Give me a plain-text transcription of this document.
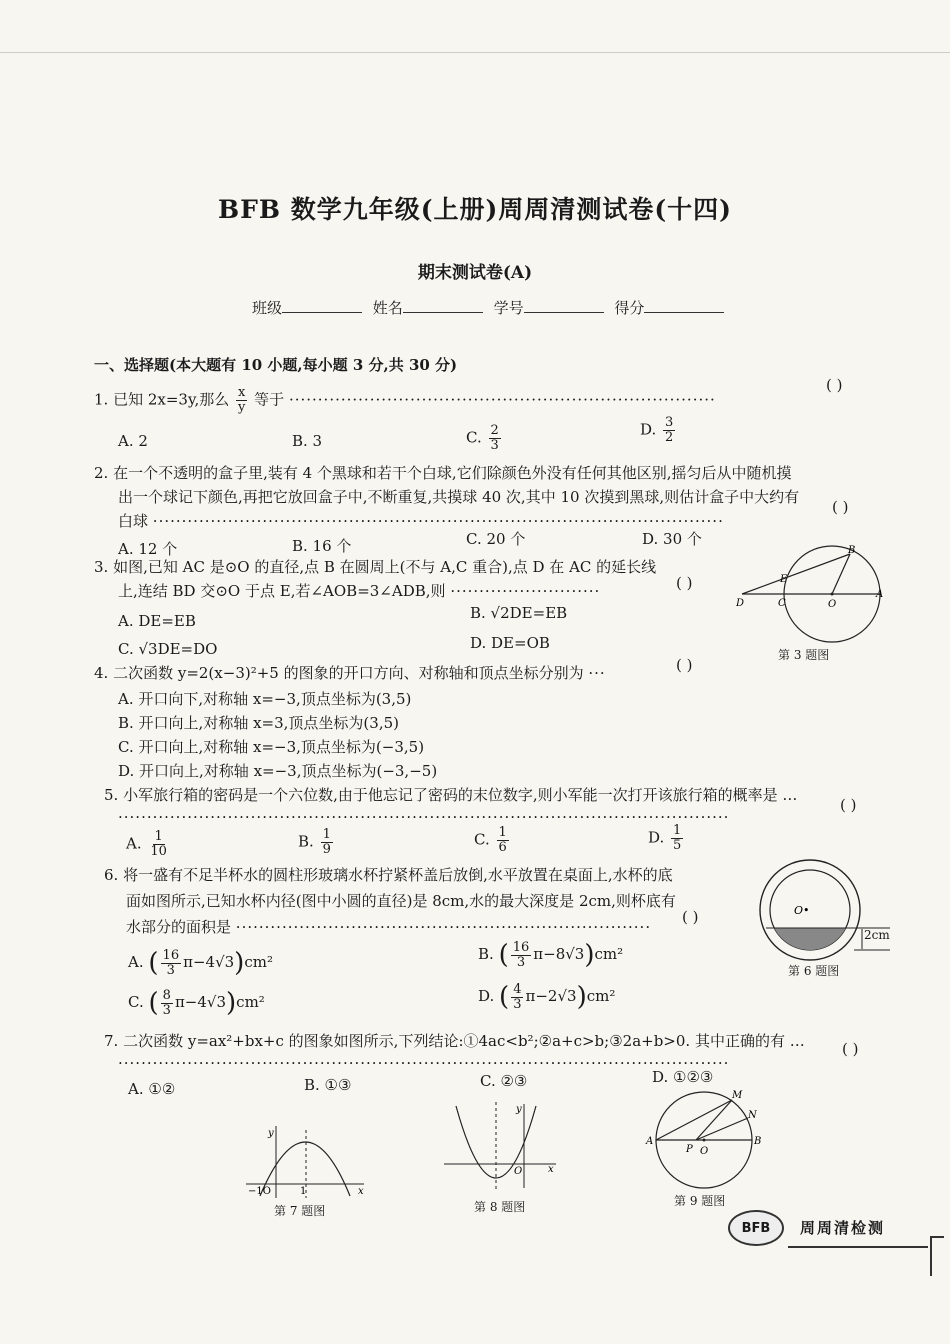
BFB 数学九年级(上册)周周清测试卷(十四)
期末测试卷(A)
班级	姓名	学号	得分
一、选择题(本大题有 10 小题,每小题 3 分,共 30 分)
1. 已知 2x=3y,那么 $\frac{x}{y}$ 等于 ··········································································
( )
A. 2	B. 3	C. $\frac{2}{3}$	D. $\frac{3}{2}$
2. 在一个不透明的盒子里,装有 4 个黑球和若干个白球,它们除颜色外没有任何其他区别,摇匀后从中随机摸
出一个球记下颜色,再把它放回盒子中,不断重复,共摸球 40 次,其中 10 次摸到黑球,则估计盒子中大约有
白球 ···································································································
( )
A. 12 个	B. 16 个	C. 20 个	D. 30 个
3. 如图,已知 AC 是⊙O 的直径,点 B 在圆周上(不与 A,C 重合),点 D 在 AC 的延长线
上,连结 BD 交⊙O 于点 E,若∠AOB=3∠ADB,则 ··························	( )
A. DE=EB	B. √2DE=EB
C. √3DE=DO	D. DE=OB
D	C	O
A
B
E
第 3 题图
4. 二次函数 y=2(x−3)²+5 的图象的开口方向、对称轴和顶点坐标分别为 ···	( )
A. 开口向下,对称轴 x=−3,顶点坐标为(3,5)
B. 开口向上,对称轴 x=3,顶点坐标为(3,5)
C. 开口向上,对称轴 x=−3,顶点坐标为(−3,5)
D. 开口向上,对称轴 x=−3,顶点坐标为(−3,−5)
5. 小军旅行箱的密码是一个六位数,由于他忘记了密码的末位数字,则小军能一次打开该旅行箱的概率是 …
··········································································································
( )
A. $\frac{1}{10}$	B. $\frac{1}{9}$	C. $\frac{1}{6}$	D. $\frac{1}{5}$
6. 将一盛有不足半杯水的圆柱形玻璃水杯拧紧杯盖后放倒,水平放置在桌面上,水杯的底
面如图所示,已知水杯内径(图中小圆的直径)是 8cm,水的最大深度是 2cm,则杯底有
水部分的面积是 ········································································
( )
A. ( $\frac{16}{3} \pi-4√3)cm^2$	B. ( $\frac{16}{3} \pi-8√3)cm^2$
C. ( $\frac{8}{3} \pi-4√3)cm^2$	D. ( $\frac{4}{3} \pi-2√3)cm^2$
O•
2cm
第 6 题图
7. 二次函数 y=ax²+bx+c 的图象如图所示,下列结论:①4ac<b²;②a+c>b;③2a+b>0. 其中正确的有 …
··········································································································
( )
A. ①②	B. ①③	C. ②③	D. ①②③
y
x
−1O	1
第 7 题图
y
x
O
第 8 题图
A	B
M
N
P O
第 9 题图
BFB	周周清检测
